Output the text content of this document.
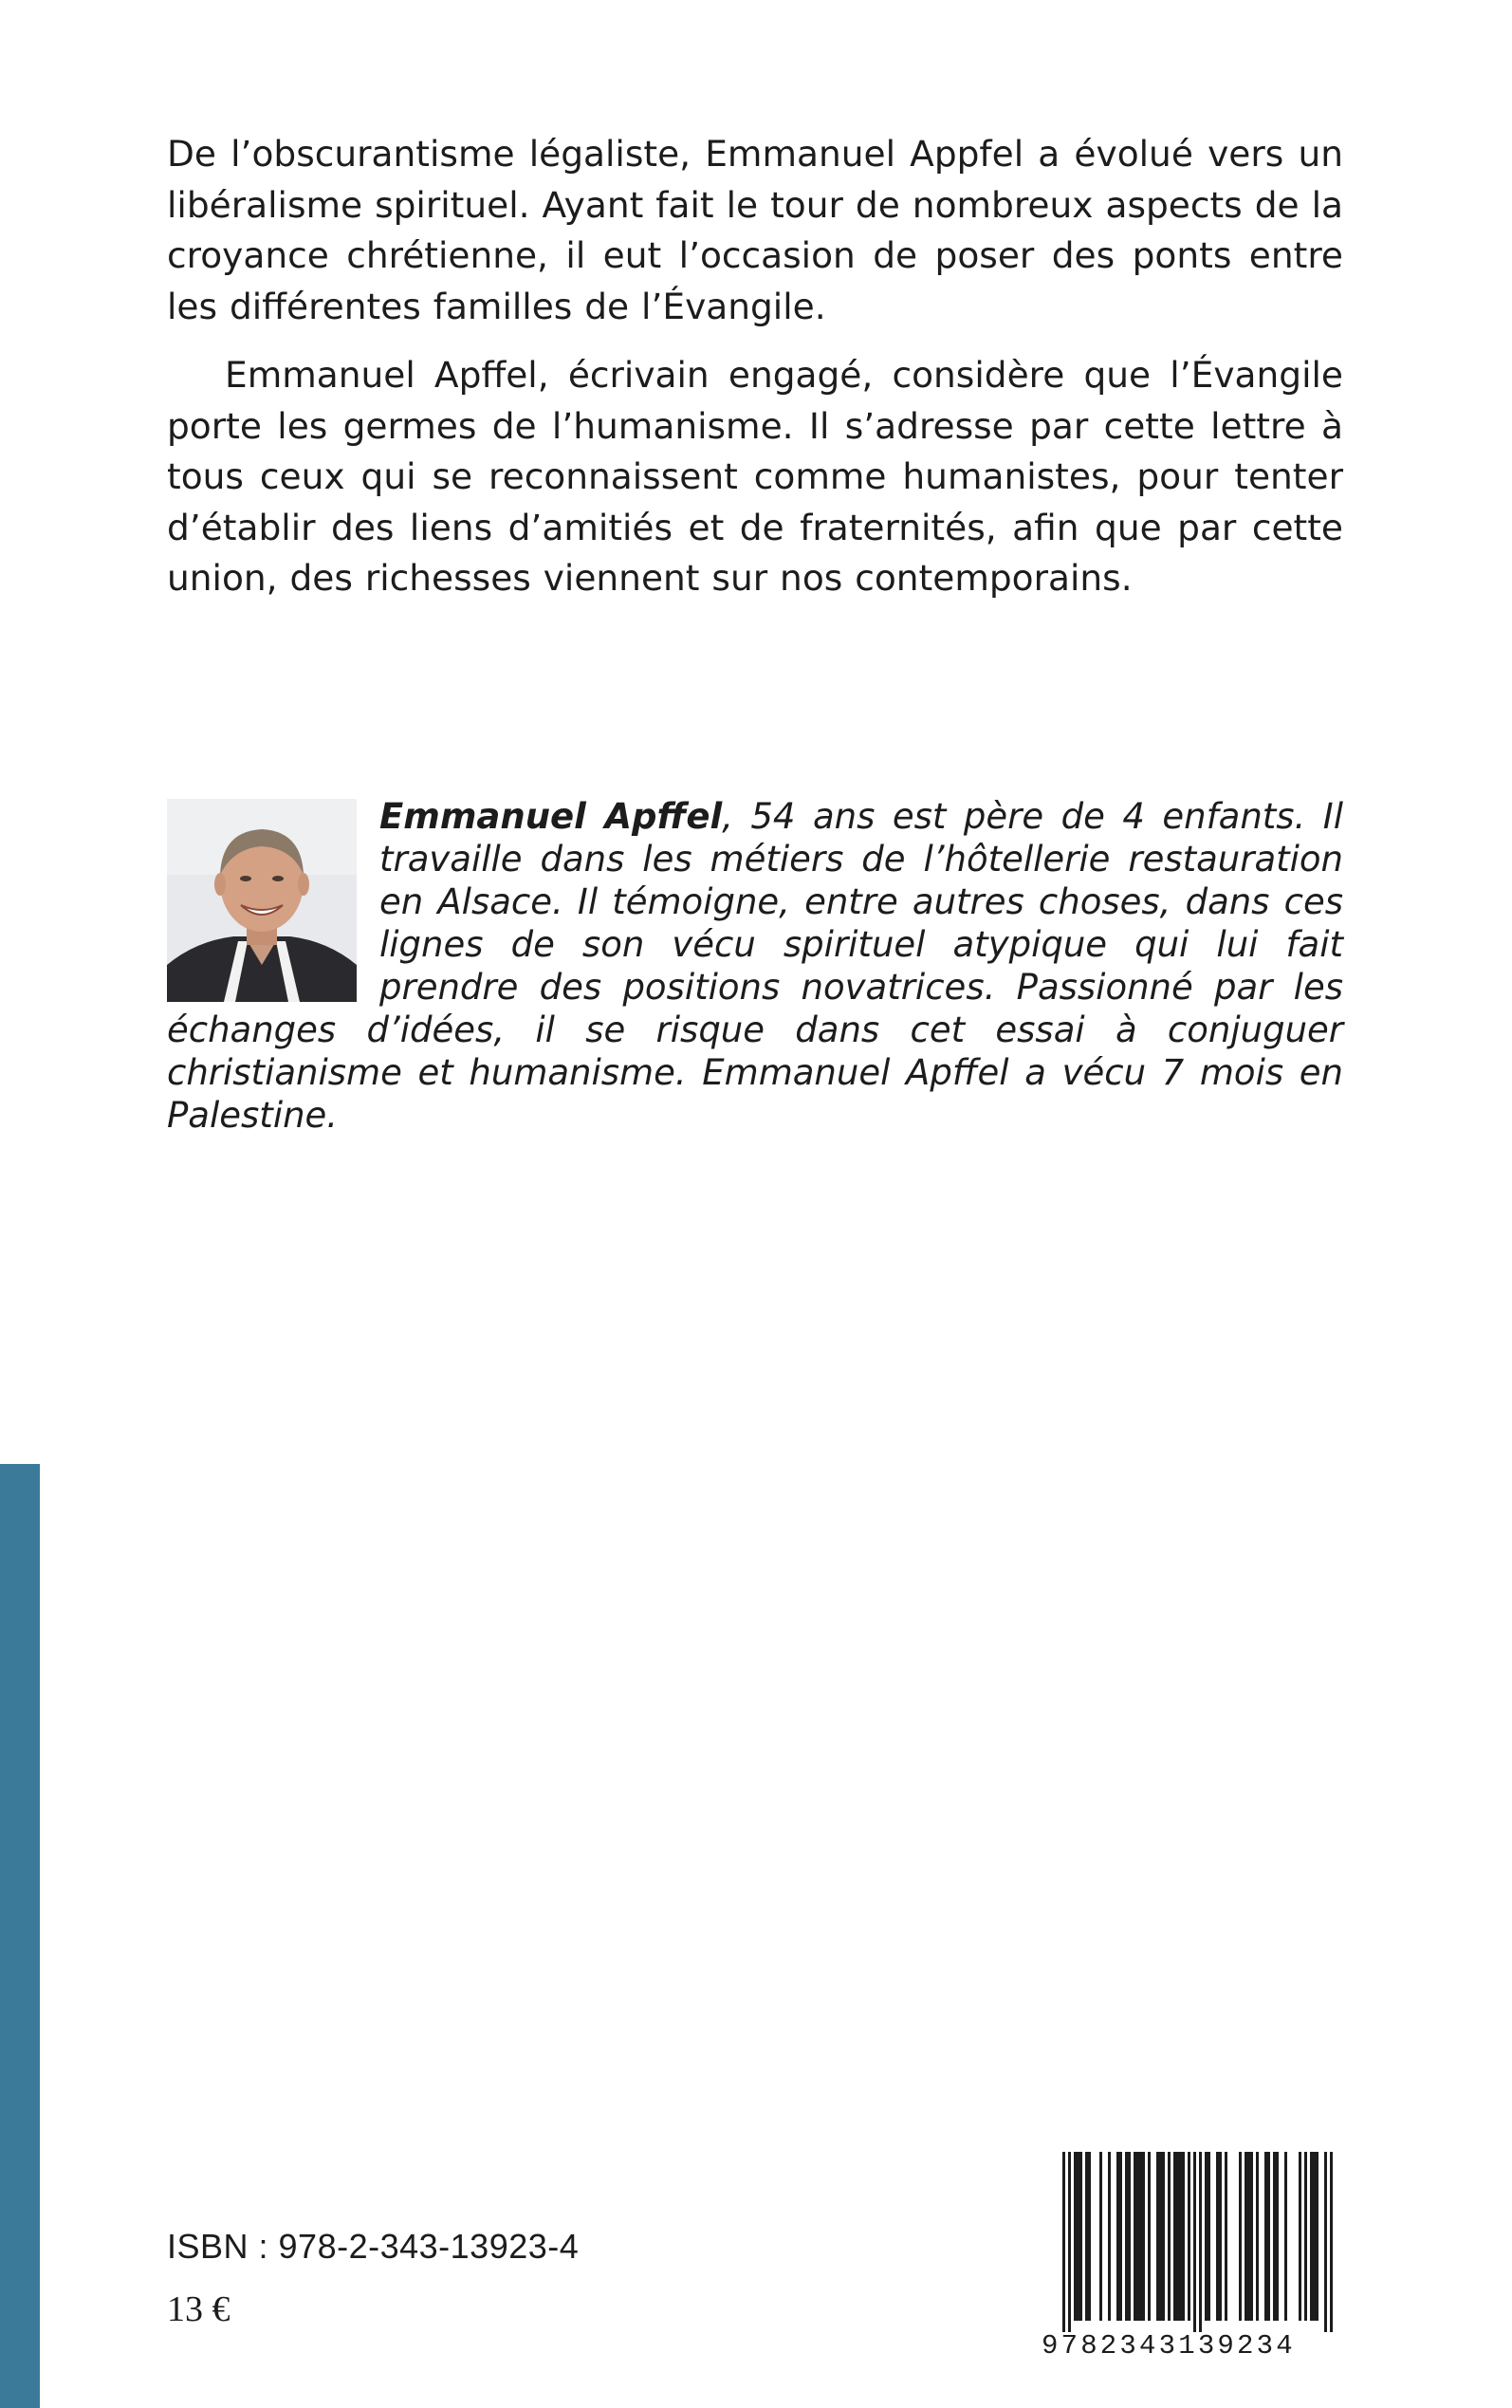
De l’obscurantisme légaliste, Emmanuel Appfel a évolué vers un libéralisme spirituel. Ayant fait le tour de nombreux aspects de la croyance chrétienne, il eut l’occasion de poser des ponts entre les différentes familles de l’Évangile.

Emmanuel Apffel, écrivain engagé, considère que l’Évangile porte les germes de l’humanisme. Il s’adresse par cette lettre à tous ceux qui se reconnaissent comme humanistes, pour tenter d’établir des liens d’amitiés et de fraternités, afin que par cette union, des richesses viennent sur nos contemporains.

Emmanuel Apffel, 54 ans est père de 4 enfants. Il travaille dans les métiers de l’hôtellerie restauration en Alsace. Il témoigne, entre autres choses, dans ces lignes de son vécu spirituel atypique qui lui fait prendre des positions novatrices. Passionné par les échanges d’idées, il se risque dans cet essai à conjuguer christianisme et humanisme. Emmanuel Apffel a vécu 7 mois en Palestine.

ISBN : 978-2-343-13923-4
13 €
9782343139234
